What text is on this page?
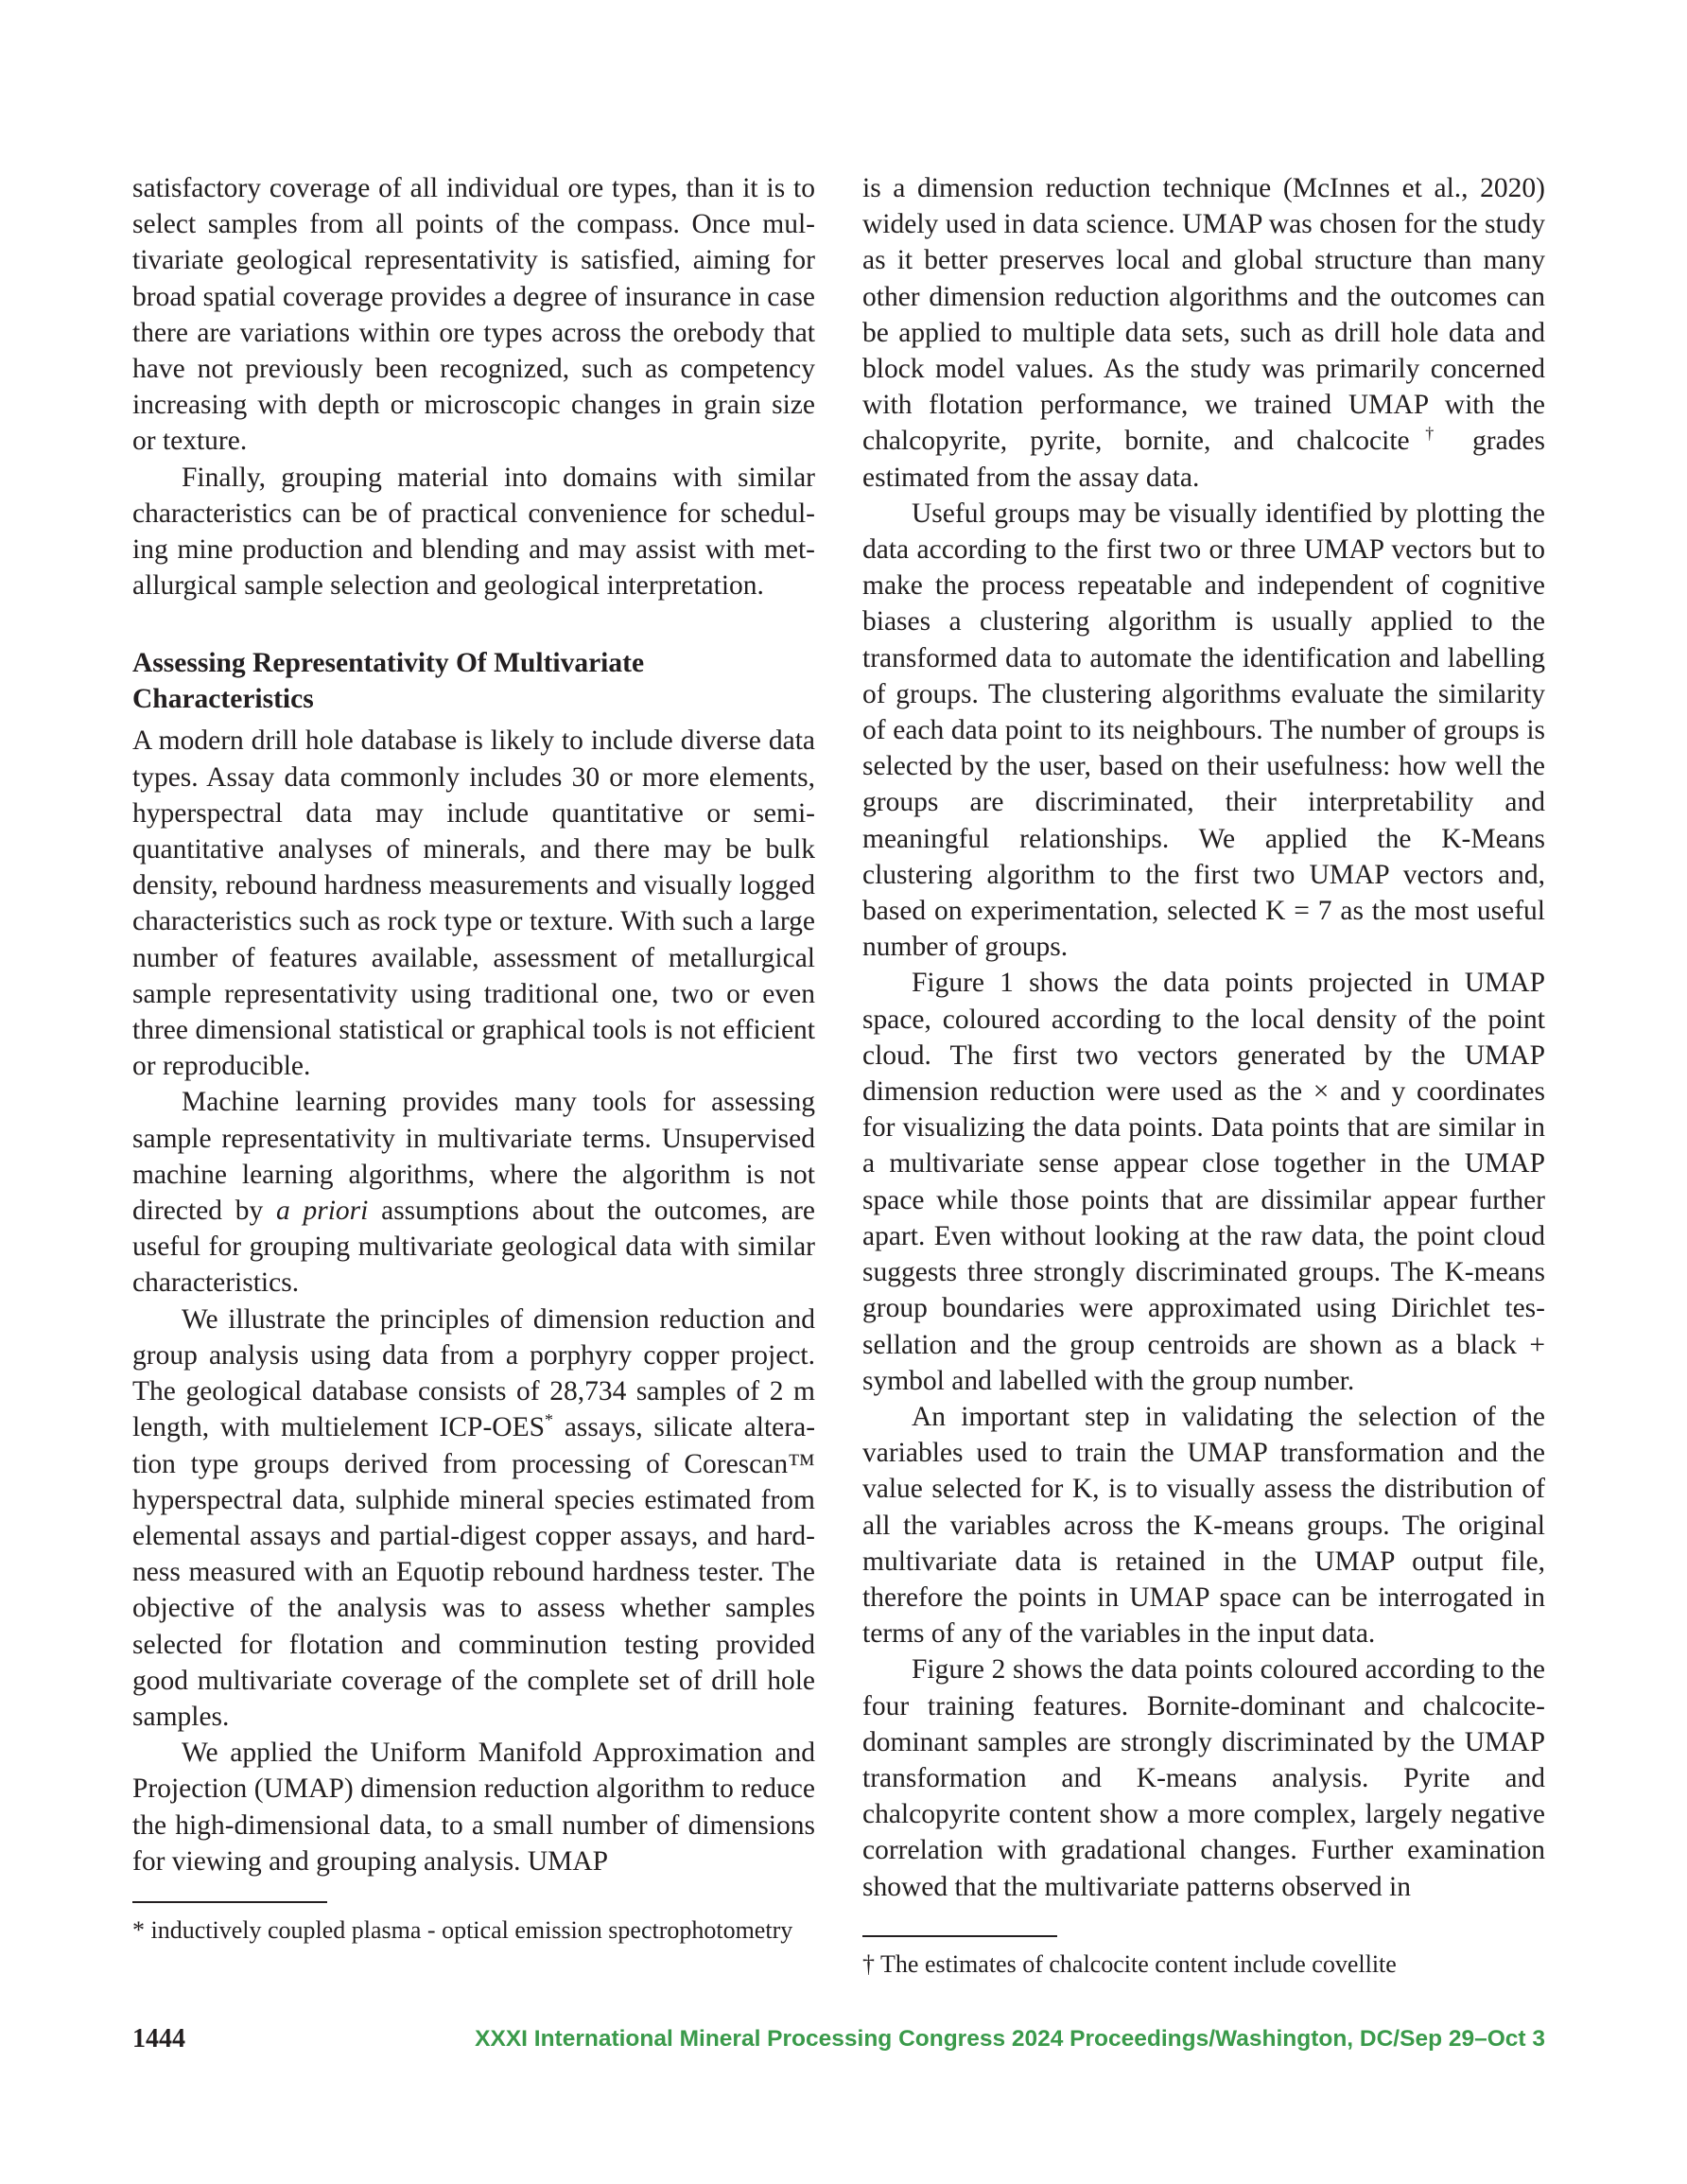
satisfactory coverage of all individual ore types, than it is to select samples from all points of the compass. Once multivariate geological representativity is satisfied, aiming for broad spatial coverage provides a degree of insurance in case there are variations within ore types across the orebody that have not previously been recognized, such as competency increasing with depth or microscopic changes in grain size or texture.

Finally, grouping material into domains with similar characteristics can be of practical convenience for scheduling mine production and blending and may assist with metallurgical sample selection and geological interpretation.

Assessing Representativity Of Multivariate Characteristics

A modern drill hole database is likely to include diverse data types. Assay data commonly includes 30 or more elements, hyperspectral data may include quantitative or semi-quantitative analyses of minerals, and there may be bulk density, rebound hardness measurements and visually logged characteristics such as rock type or texture. With such a large number of features available, assessment of metallurgical sample representativity using traditional one, two or even three dimensional statistical or graphical tools is not efficient or reproducible.

Machine learning provides many tools for assessing sample representativity in multivariate terms. Unsupervised machine learning algorithms, where the algorithm is not directed by a priori assumptions about the outcomes, are useful for grouping multivariate geological data with similar characteristics.

We illustrate the principles of dimension reduction and group analysis using data from a porphyry copper project. The geological database consists of 28,734 samples of 2 m length, with multielement ICP-OES* assays, silicate alteration type groups derived from processing of Corescan™ hyperspectral data, sulphide mineral species estimated from elemental assays and partial-digest copper assays, and hardness measured with an Equotip rebound hardness tester. The objective of the analysis was to assess whether samples selected for flotation and comminution testing provided good multivariate coverage of the complete set of drill hole samples.

We applied the Uniform Manifold Approximation and Projection (UMAP) dimension reduction algorithm to reduce the high-dimensional data, to a small number of dimensions for viewing and grouping analysis. UMAP

is a dimension reduction technique (McInnes et al., 2020) widely used in data science. UMAP was chosen for the study as it better preserves local and global structure than many other dimension reduction algorithms and the outcomes can be applied to multiple data sets, such as drill hole data and block model values. As the study was primarily concerned with flotation performance, we trained UMAP with the chalcopyrite, pyrite, bornite, and chalcocite† grades estimated from the assay data.

Useful groups may be visually identified by plotting the data according to the first two or three UMAP vectors but to make the process repeatable and independent of cognitive biases a clustering algorithm is usually applied to the transformed data to automate the identification and labelling of groups. The clustering algorithms evaluate the similarity of each data point to its neighbours. The number of groups is selected by the user, based on their usefulness: how well the groups are discriminated, their interpretability and meaningful relationships. We applied the K-Means clustering algorithm to the first two UMAP vectors and, based on experimentation, selected K = 7 as the most useful number of groups.

Figure 1 shows the data points projected in UMAP space, coloured according to the local density of the point cloud. The first two vectors generated by the UMAP dimension reduction were used as the × and y coordinates for visualizing the data points. Data points that are similar in a multivariate sense appear close together in the UMAP space while those points that are dissimilar appear further apart. Even without looking at the raw data, the point cloud suggests three strongly discriminated groups. The K-means group boundaries were approximated using Dirichlet tessellation and the group centroids are shown as a black + symbol and labelled with the group number.

An important step in validating the selection of the variables used to train the UMAP transformation and the value selected for K, is to visually assess the distribution of all the variables across the K-means groups. The original multivariate data is retained in the UMAP output file, therefore the points in UMAP space can be interrogated in terms of any of the variables in the input data.

Figure 2 shows the data points coloured according to the four training features. Bornite-dominant and chalcocite-dominant samples are strongly discriminated by the UMAP transformation and K-means analysis. Pyrite and chalcopyrite content show a more complex, largely negative correlation with gradational changes. Further examination showed that the multivariate patterns observed in

* inductively coupled plasma - optical emission spectrophotometry

† The estimates of chalcocite content include covellite

1444	XXXI International Mineral Processing Congress 2024 Proceedings/Washington, DC/Sep 29–Oct 3
